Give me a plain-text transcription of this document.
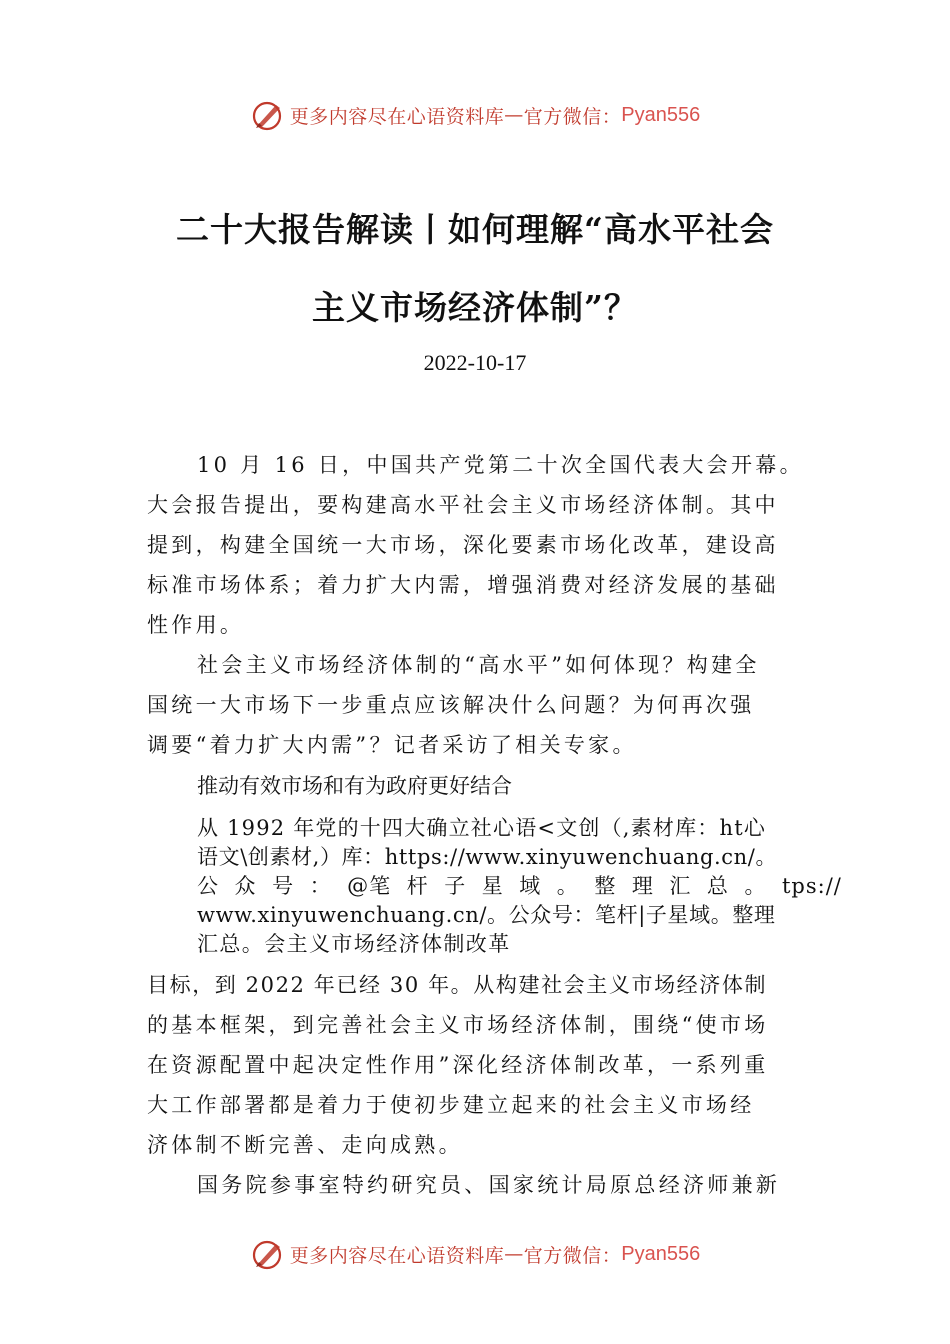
更多内容尽在心语资料库 — 官方微信： Pyan556
二十大报告解读丨如何理解“高水平社会
主义市场经济体制”？
2022-10-17
10 月 16 日，中国共产党第二十次全国代表大会开幕。
大会报告提出，要构建高水平社会主义市场经济体制。其中
提到，构建全国统一大市场，深化要素市场化改革，建设高
标准市场体系；着力扩大内需，增强消费对经济发展的基础
性作用。
社会主义市场经济体制的“高水平”如何体现？构建全
国统一大市场下一步重点应该解决什么问题？为何再次强
调要“着力扩大内需”？记者采访了相关专家。
推动有效市场和有为政府更好结合
从 1992 年党的十四大确立社心语<文创（,素材库：ht心
语文\创素材,）库：https://www.xinyuwenchuang.cn/。
公 众 号 ： @笔 杆 子 星 域 。 整 理 汇 总 。 tps://
www.xinyuwenchuang.cn/。公众号：笔杆|子星域。整理
汇总。会主义市场经济体制改革
目标，到 2022 年已经 30 年。从构建社会主义市场经济体制
的基本框架，到完善社会主义市场经济体制，围绕“使市场
在资源配置中起决定性作用”深化经济体制改革，一系列重
大工作部署都是着力于使初步建立起来的社会主义市场经
济体制不断完善、走向成熟。
国务院参事室特约研究员、国家统计局原总经济师兼新
更多内容尽在心语资料库 — 官方微信： Pyan556
